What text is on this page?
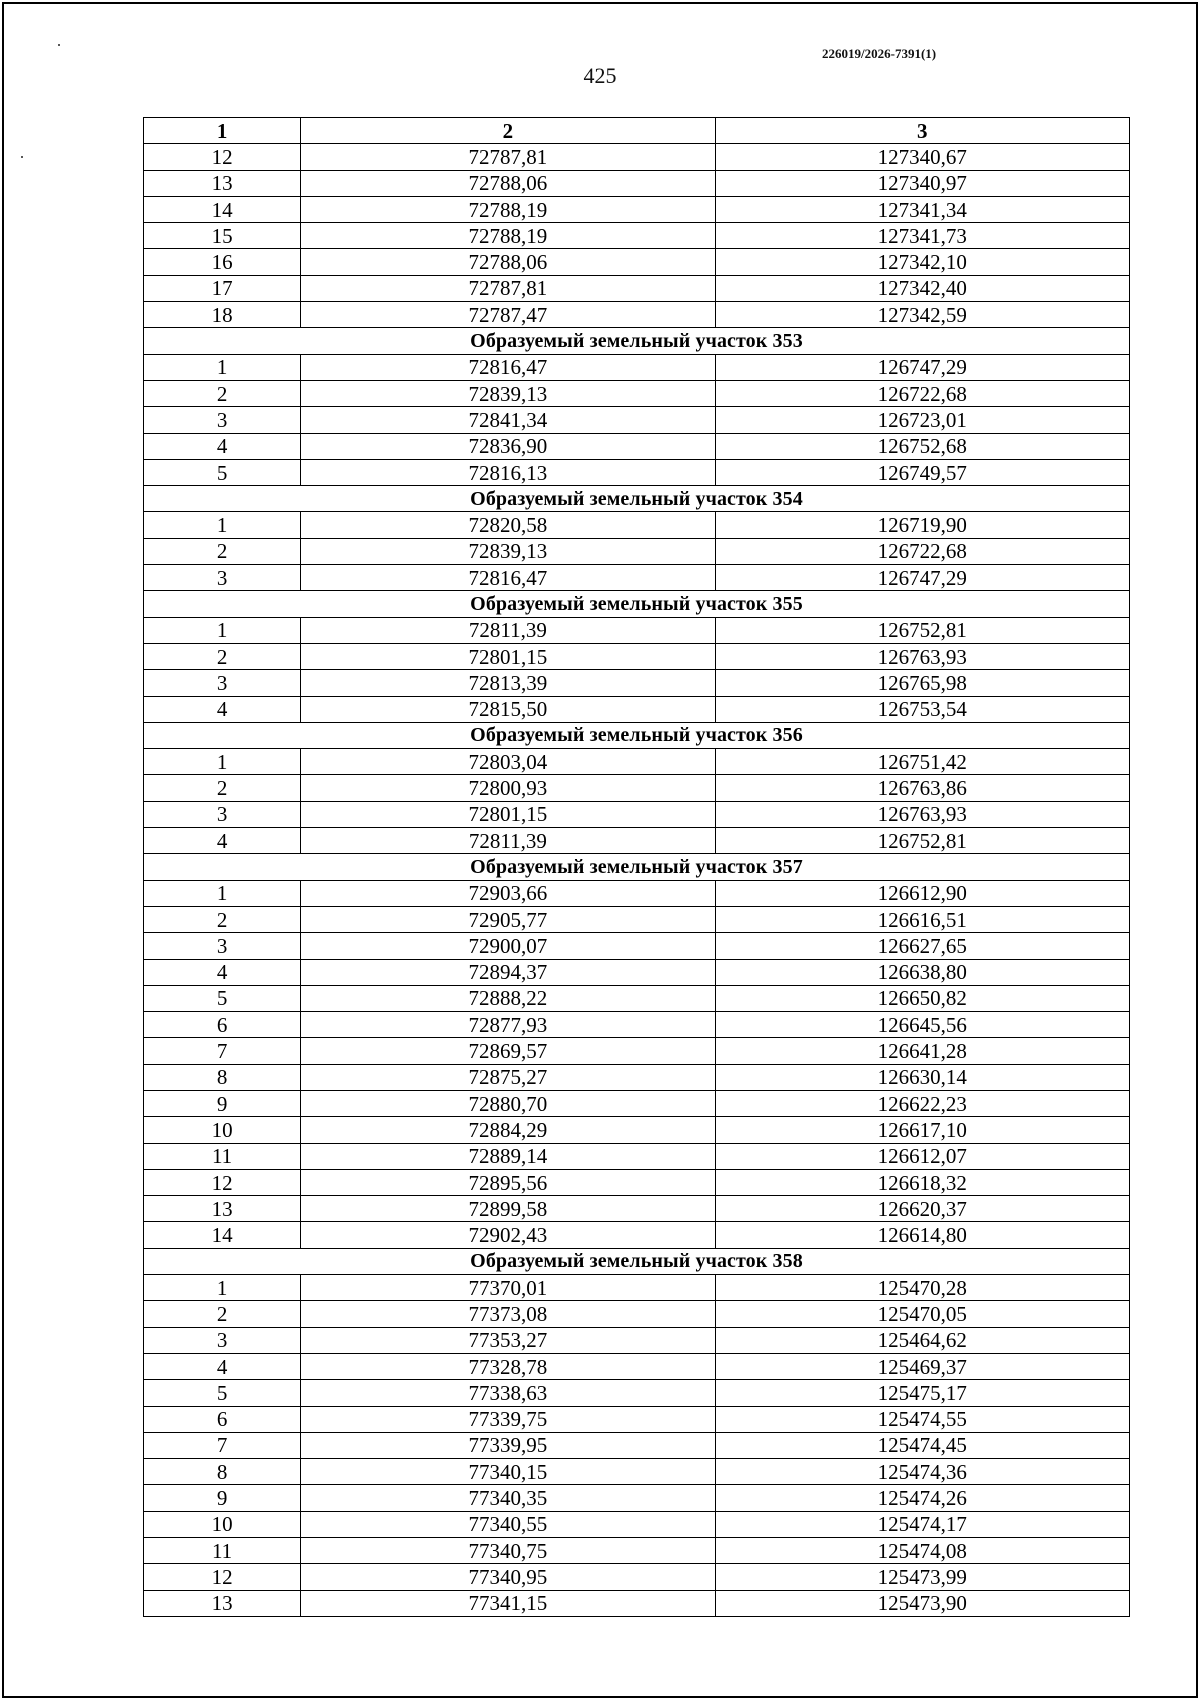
226019/2026-7391(1)
425
1	2	3
12	72787,81	127340,67
13	72788,06	127340,97
14	72788,19	127341,34
15	72788,19	127341,73
16	72788,06	127342,10
17	72787,81	127342,40
18	72787,47	127342,59
Образуемый земельный участок 353		
1	72816,47	126747,29
2	72839,13	126722,68
3	72841,34	126723,01
4	72836,90	126752,68
5	72816,13	126749,57
Образуемый земельный участок 354		
1	72820,58	126719,90
2	72839,13	126722,68
3	72816,47	126747,29
Образуемый земельный участок 355		
1	72811,39	126752,81
2	72801,15	126763,93
3	72813,39	126765,98
4	72815,50	126753,54
Образуемый земельный участок 356		
1	72803,04	126751,42
2	72800,93	126763,86
3	72801,15	126763,93
4	72811,39	126752,81
Образуемый земельный участок 357		
1	72903,66	126612,90
2	72905,77	126616,51
3	72900,07	126627,65
4	72894,37	126638,80
5	72888,22	126650,82
6	72877,93	126645,56
7	72869,57	126641,28
8	72875,27	126630,14
9	72880,70	126622,23
10	72884,29	126617,10
11	72889,14	126612,07
12	72895,56	126618,32
13	72899,58	126620,37
14	72902,43	126614,80
Образуемый земельный участок 358		
1	77370,01	125470,28
2	77373,08	125470,05
3	77353,27	125464,62
4	77328,78	125469,37
5	77338,63	125475,17
6	77339,75	125474,55
7	77339,95	125474,45
8	77340,15	125474,36
9	77340,35	125474,26
10	77340,55	125474,17
11	77340,75	125474,08
12	77340,95	125473,99
13	77341,15	125473,90
